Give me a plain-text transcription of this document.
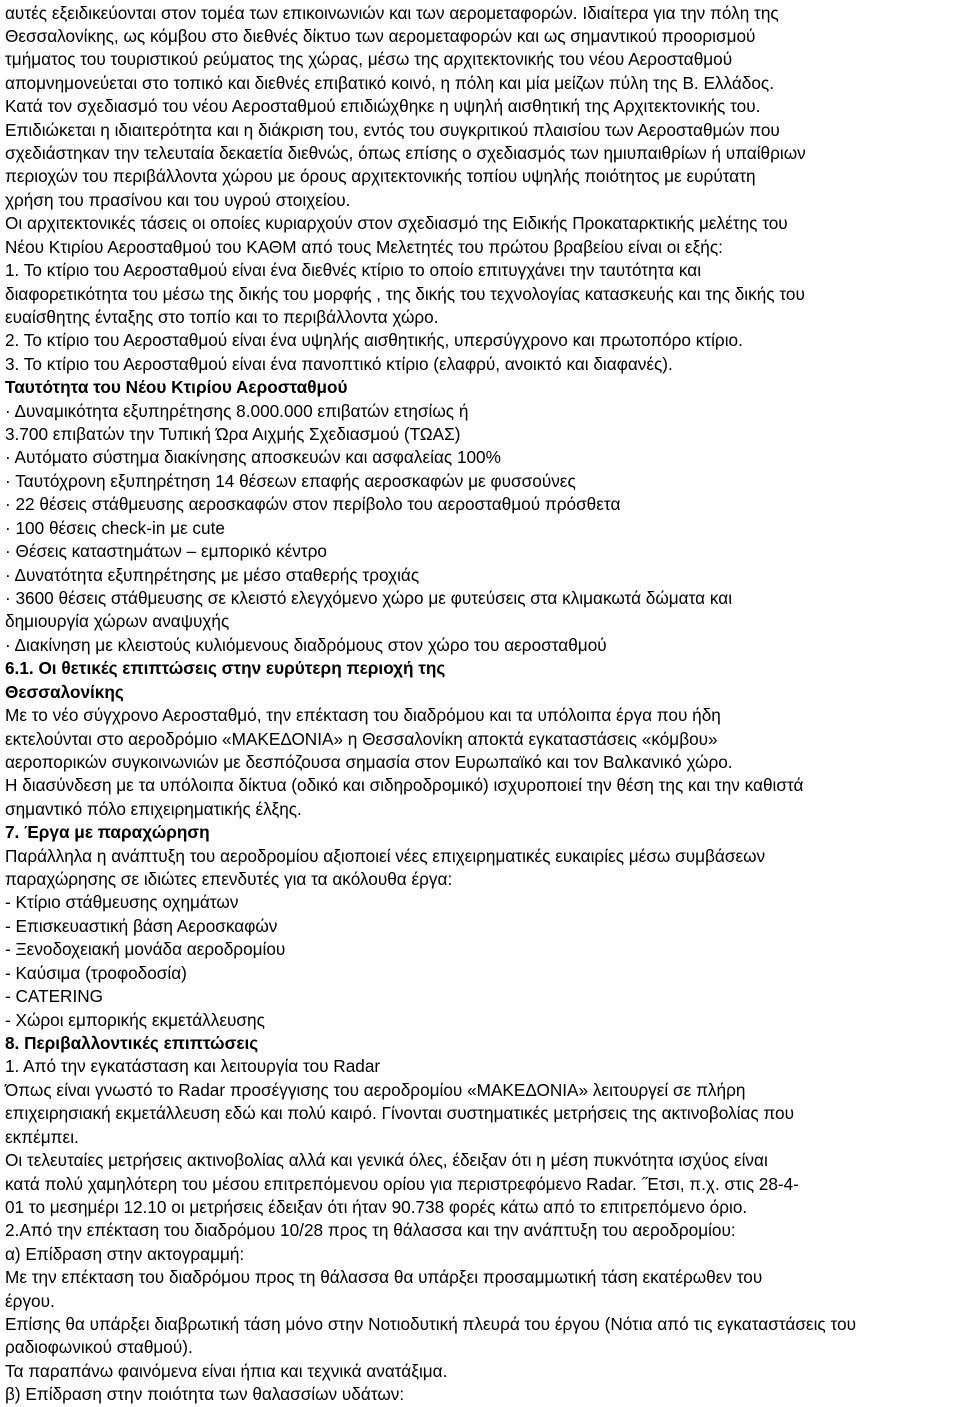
αυτές εξειδικεύονται στον τομέα των επικοινωνιών και των αερομεταφορών. Ιδιαίτερα για την πόλη της
Θεσσαλονίκης, ως κόμβου στο διεθνές δίκτυο των αερομεταφορών και ως σημαντικού προορισμού
τμήματος του τουριστικού ρεύματος της χώρας, μέσω της αρχιτεκτονικής του νέου Αεροσταθμού
απομνημονεύεται στο τοπικό και διεθνές επιβατικό κοινό, η πόλη και μία μείζων πύλη της Β. Ελλάδος.
Κατά τον σχεδιασμό του νέου Αεροσταθμού επιδιώχθηκε η υψηλή αισθητική της Αρχιτεκτονικής του.
Επιδιώκεται η ιδιαιτερότητα και η διάκριση του, εντός του συγκριτικού πλαισίου των Αεροσταθμών που
σχεδιάστηκαν την τελευταία δεκαετία διεθνώς, όπως επίσης ο σχεδιασμός των ημιυπαιθρίων ή υπαίθριων
περιοχών του περιβάλλοντα χώρου με όρους αρχιτεκτονικής τοπίου υψηλής ποιότητος με ευρύτατη
χρήση του πρασίνου και του υγρού στοιχείου.
Οι αρχιτεκτονικές τάσεις οι οποίες κυριαρχούν στον σχεδιασμό της Ειδικής Προκαταρκτικής μελέτης του
Νέου Κτιρίου Αεροσταθμού του ΚΑΘΜ από τους Μελετητές του πρώτου βραβείου είναι οι εξής:
1. Το κτίριο του Αεροσταθμού είναι ένα διεθνές κτίριο το οποίο επιτυγχάνει την ταυτότητα και
διαφορετικότητα του μέσω της δικής του μορφής , της δικής του τεχνολογίας κατασκευής και της δικής του
ευαίσθητης ένταξης στο τοπίο και το περιβάλλοντα χώρο.
2. Το κτίριο του Αεροσταθμού είναι ένα υψηλής αισθητικής, υπερσύγχρονο και πρωτοπόρο κτίριο.
3. Το κτίριο του Αεροσταθμού είναι ένα πανοπτικό κτίριο (ελαφρύ, ανοικτό και διαφανές).
Ταυτότητα του Νέου Κτιρίου Αεροσταθμού
· Δυναμικότητα εξυπηρέτησης 8.000.000 επιβατών ετησίως ή
3.700 επιβατών την Τυπική Ώρα Αιχμής Σχεδιασμού (ΤΩΑΣ)
· Αυτόματο σύστημα διακίνησης αποσκευών και ασφαλείας 100%
· Ταυτόχρονη εξυπηρέτηση 14 θέσεων επαφής αεροσκαφών με φυσσούνες
· 22 θέσεις στάθμευσης αεροσκαφών στον περίβολο του αεροσταθμού πρόσθετα
· 100 θέσεις check-in με cute
· Θέσεις καταστημάτων – εμπορικό κέντρο
· Δυνατότητα εξυπηρέτησης με μέσο σταθερής τροχιάς
· 3600 θέσεις στάθμευσης σε κλειστό ελεγχόμενο χώρο με φυτεύσεις στα κλιμακωτά δώματα και
δημιουργία χώρων αναψυχής
· Διακίνηση με κλειστούς κυλιόμενους διαδρόμους στον χώρο του αεροσταθμού
6.1. Οι θετικές επιπτώσεις στην ευρύτερη περιοχή της
Θεσσαλονίκης
Με το νέο σύγχρονο Αεροσταθμό, την επέκταση του διαδρόμου και τα υπόλοιπα έργα που ήδη
εκτελούνται στο αεροδρόμιο «ΜΑΚΕΔΟΝΙΑ» η Θεσσαλονίκη αποκτά εγκαταστάσεις «κόμβου»
αεροπορικών συγκοινωνιών με δεσπόζουσα σημασία στον Ευρωπαϊκό και τον Βαλκανικό χώρο.
Η διασύνδεση με τα υπόλοιπα δίκτυα (οδικό και σιδηροδρομικό) ισχυροποιεί την θέση της και την καθιστά
σημαντικό πόλο επιχειρηματικής έλξης.
7. Έργα με παραχώρηση
Παράλληλα η ανάπτυξη του αεροδρομίου αξιοποιεί νέες επιχειρηματικές ευκαιρίες μέσω συμβάσεων
παραχώρησης σε ιδιώτες επενδυτές για τα ακόλουθα έργα:
- Κτίριο στάθμευσης οχημάτων
- Επισκευαστική βάση Αεροσκαφών
- Ξενοδοχειακή μονάδα αεροδρομίου
- Καύσιμα (τροφοδοσία)
- CATERING
- Χώροι εμπορικής εκμετάλλευσης
8. Περιβαλλοντικές επιπτώσεις
1. Από την εγκατάσταση και λειτουργία του Radar
Όπως είναι γνωστό το Radar προσέγγισης του αεροδρομίου «ΜΑΚΕΔΟΝΙΑ» λειτουργεί σε πλήρη
επιχειρησιακή εκμετάλλευση εδώ και πολύ καιρό. Γίνονται συστηματικές μετρήσεις της ακτινοβολίας που
εκπέμπει.
Οι τελευταίες μετρήσεις ακτινοβολίας αλλά και γενικά όλες, έδειξαν ότι η μέση πυκνότητα ισχύος είναι
κατά πολύ χαμηλότερη του μέσου επιτρεπόμενου ορίου για περιστρεφόμενο Radar. ˝Ετσι, π.χ. στις 28-4-
01 το μεσημέρι 12.10 οι μετρήσεις έδειξαν ότι ήταν 90.738 φορές κάτω από το επιτρεπόμενο όριο.
2.Από την επέκταση του διαδρόμου 10/28 προς τη θάλασσα και την ανάπτυξη του αεροδρομίου:
α) Επίδραση στην ακτογραμμή:
Με την επέκταση του διαδρόμου προς τη θάλασσα θα υπάρξει προσαμμωτική τάση εκατέρωθεν του
έργου.
Επίσης θα υπάρξει διαβρωτική τάση μόνο στην Νοτιοδυτική πλευρά του έργου (Νότια από τις εγκαταστάσεις του
ραδιοφωνικού σταθμού).
Τα παραπάνω φαινόμενα είναι ήπια και τεχνικά ανατάξιμα.
β) Επίδραση στην ποιότητα των θαλασσίων υδάτων:
